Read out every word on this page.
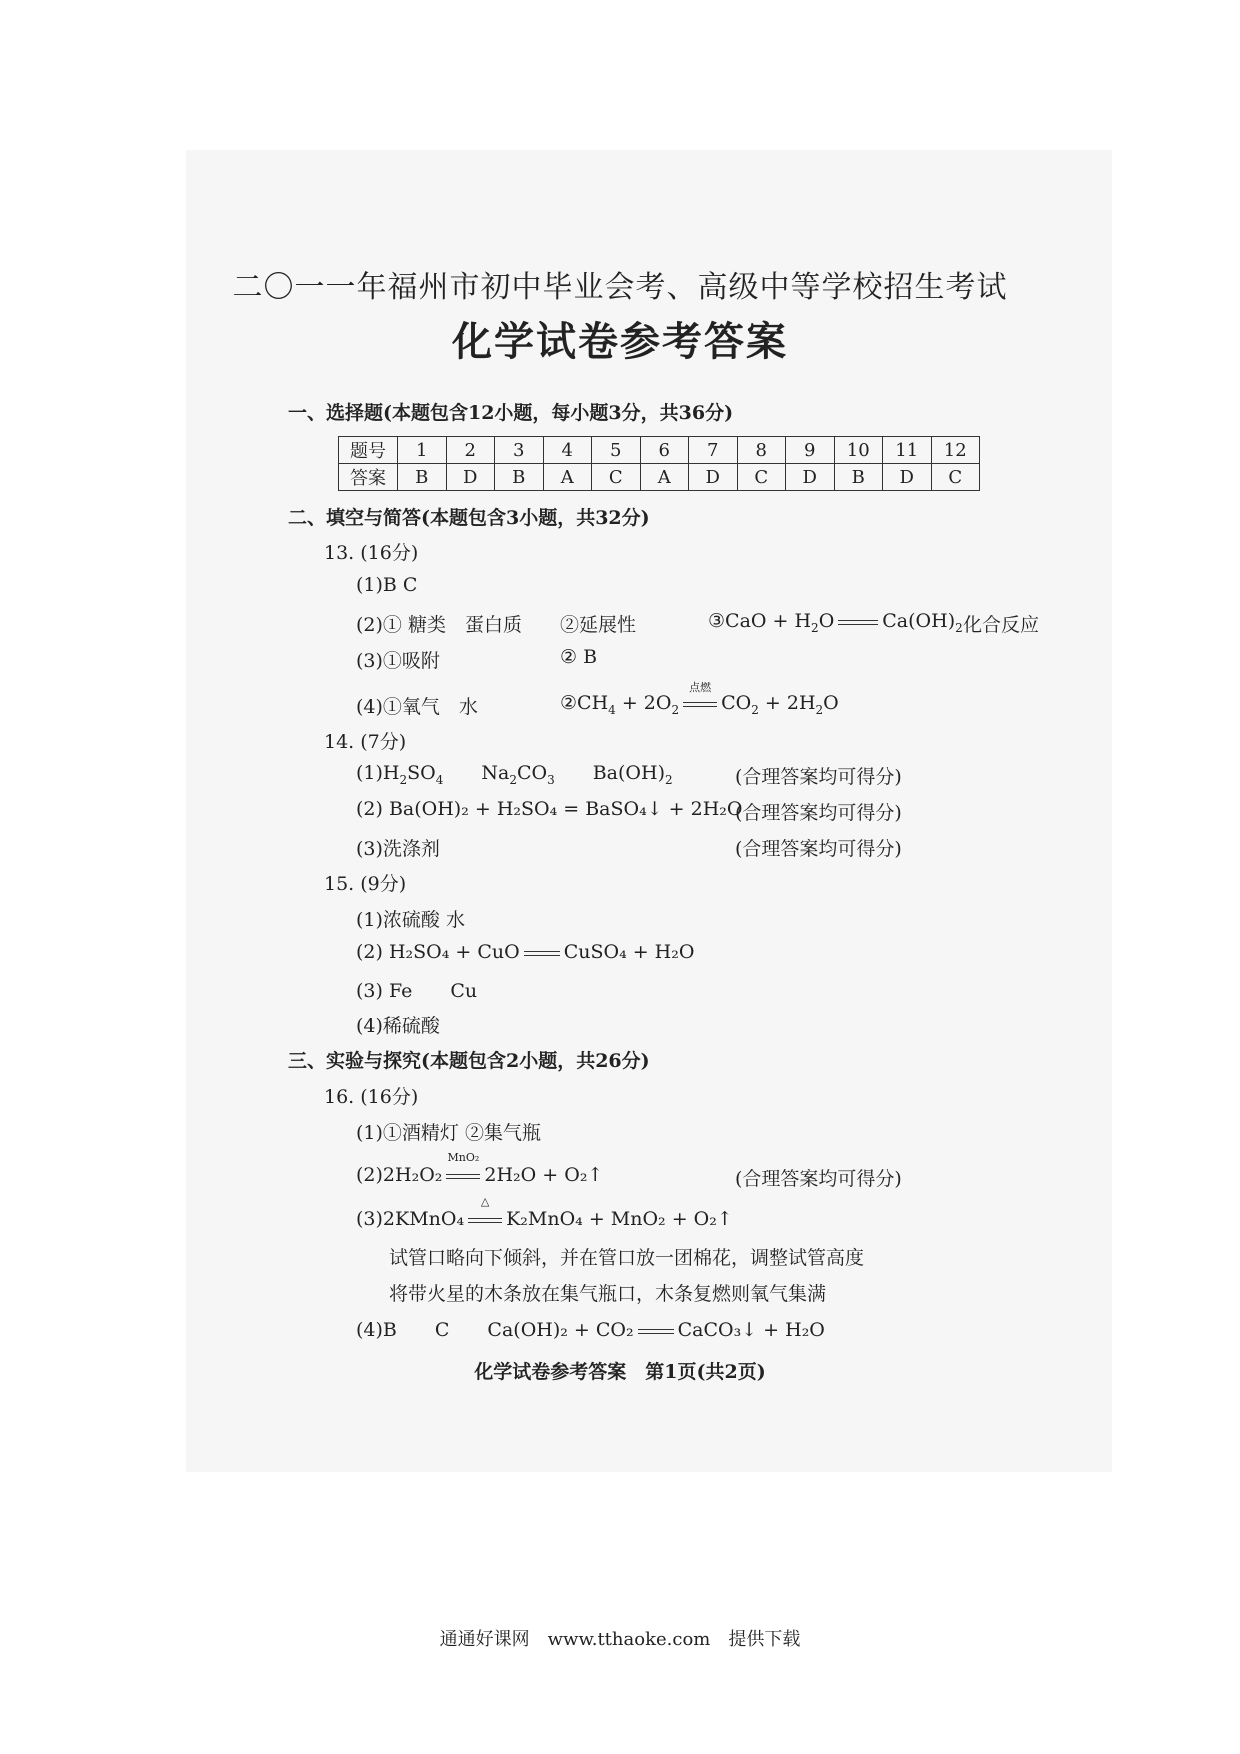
二〇一一年福州市初中毕业会考、高级中等学校招生考试
化学试卷参考答案
一、选择题(本题包含12小题，每小题3分，共36分)
题号	1	2	3	4	5	6	7	8	9	10	11	12
答案	B	D	B	A	C	A	D	C	D	B	D	C
二、填空与简答(本题包含3小题，共32分)
13. (16分)
(1)B C
(2)① 糖类　蛋白质 ②延展性	③CaO + $H_2O$	$Ca(OH)_2$ 化合反应
(3)①吸附	② B
(4)①氧气　水	$②CH_4 + 2O_2$
点燃
$CO_2 + 2H_2O$
14. (7分)
$(1)H_2SO_4$ $Na_2CO_3$ $Ba(OH)_2$	(合理答案均可得分)
(2) Ba(OH)₂ + H₂SO₄ = BaSO₄↓ + 2H₂O
(合理答案均可得分)
(3)洗涤剂	(合理答案均可得分)
15. (9分)
(1)浓硫酸 水
(2) H₂SO₄ + CuO CuSO₄ + H₂O
(3) Fe　　Cu
(4)稀硫酸
三、实验与探究(本题包含2小题，共26分)
16. (16分)
(1)①酒精灯 ②集气瓶
(2)2H₂O₂
MnO₂
2H₂O + O₂↑	(合理答案均可得分)
(3)2KMnO₄
△
K₂MnO₄ + MnO₂ + O₂↑
试管口略向下倾斜，并在管口放一团棉花，调整试管高度
将带火星的木条放在集气瓶口，木条复燃则氧气集满
(4)B　　C　　Ca(OH)₂ + CO₂ CaCO₃↓ + H₂O
化学试卷参考答案　第1页(共2页)
通通好课网　www.tthaoke.com　提供下载
